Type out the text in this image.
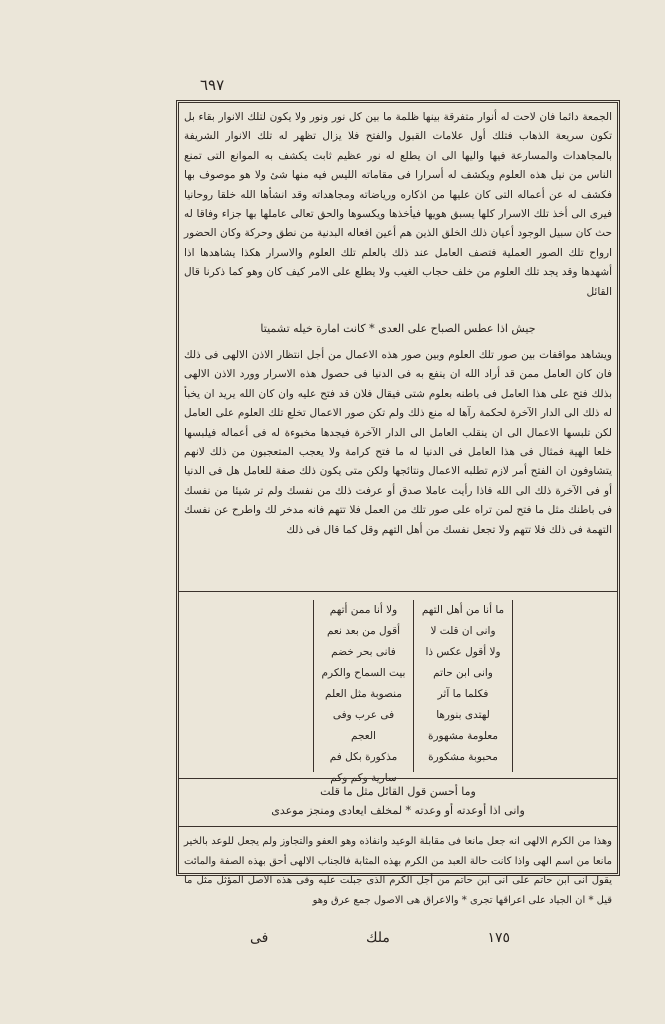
٦٩٧

الجمعة دائما فان لاحت له أنوار متفرقة بينها ظلمة ما بين كل نور ونور ولا يكون لتلك الانوار بقاء بل تكون سريعة الذهاب فتلك أول علامات القبول والفتح فلا يزال تظهر له تلك الانوار الشريفة بالمجاهدات والمسارعة فيها واليها الى ان يطلع له نور عظيم ثابت يكشف به الموانع التى تمنع الناس من نيل هذه العلوم ويكشف له أسرارا فى مقاماته الليس فيه منها شئ ولا هو موصوف بها فكشف له عن أعماله التى كان عليها من اذكاره ورياضاته ومجاهداته وقد انشأها الله خلقا روحانيا فيرى الى أخذ تلك الاسرار كلها يسبق هويها فيأخذها ويكسوها والحق تعالى عاملها بها جزاء وفاقا له حث كان سبيل الوجود أعيان ذلك الخلق الذين هم أعين افعاله البدنية من نطق وحركة وكان الحضور ارواح تلك الصور العملية فتصف العامل عند ذلك بالعلم تلك العلوم والاسرار هكذا يشاهدها اذا أشهدها وقد يجد تلك العلوم من خلف حجاب الغيب ولا يطلع على الامر كيف كان وهو كما ذكرنا قال القائل

جيش اذا عطس الصباح على العدى * كانت امارة خيله تشميتا

ويشاهد مواقفات بين صور تلك العلوم وبين صور هذه الاعمال من أجل انتظار الاذن الالهى فى ذلك فان كان العامل ممن قد أراد الله ان ينفع به فى الدنيا فى حصول هذه الاسرار وورد الاذن الالهى بذلك فتح على هذا العامل فى باطنه بعلوم شتى فيقال فلان قد فتح عليه وان كان الله يريد ان يخبأ له ذلك الى الدار الآخرة لحكمة رآها له منع ذلك ولم تكن صور الاعمال تخلع تلك العلوم على العامل لكن تلبسها الاعمال الى ان ينقلب العامل الى الدار الآخرة فيجدها مخبوءة له فى أعماله فيلبسها خلعا الهية فمثال فى هذا العامل فى الدنيا له ما فتح كرامة ولا يعجب المتعجبون من ذلك لانهم يتشاوفون ان الفتح أمر لازم تطلبه الاعمال ونتائجها ولكن متى يكون ذلك صفة للعامل هل فى الدنيا أو فى الآخرة ذلك الى الله فاذا رأيت عاملا صدق أو عرفت ذلك من نفسك ولم تر شيئا من نفسك فى باطنك مثل ما فتح لمن تراه على صور تلك من العمل فلا تتهم فانه مدخر لك واطرح عن نفسك التهمة فى ذلك فلا تتهم ولا تجعل نفسك من أهل التهم وقل كما قال فى ذلك

ما أنا من أهل التهم
وانى ان قلت لا
ولا أقول عكس ذا
وانى ابن حاتم
فكلما ما آثر
لهتدى بنورها
معلومة مشهورة
محبوبة مشكورة
ولا أنا ممن أتهم
أقول من بعد نعم
فانى بحر خضم
بيت السماح والكرم
منصوبة مثل العلم
فى عرب وفى العجم
مذكورة بكل فم
سارية وكم وكم
وما أحسن قول القائل مثل ما قلت
وانى اذا أوعدته أو وعدته * لمخلف ايعادى ومنجز موعدى

وهذا من الكرم الالهى انه جعل مانعا فى مقابلة الوعيد وانفاذه وهو العفو والتجاوز ولم يجعل للوعد بالخير مانعا من اسم الهى واذا كانت حالة العبد من الكرم بهذه المثابة فالجناب الالهى أحق بهذه الصفة والمائت يقول انى ابن حاتم على انى ابن حاتم من أجل الكرم الذى جبلت عليه وفى هذه الاصل المؤثل مثل ما قيل * ان الجياد على اعراقها تجرى * والاعراق هى الاصول جمع عرق وهو

فى	ملك	١٧٥
